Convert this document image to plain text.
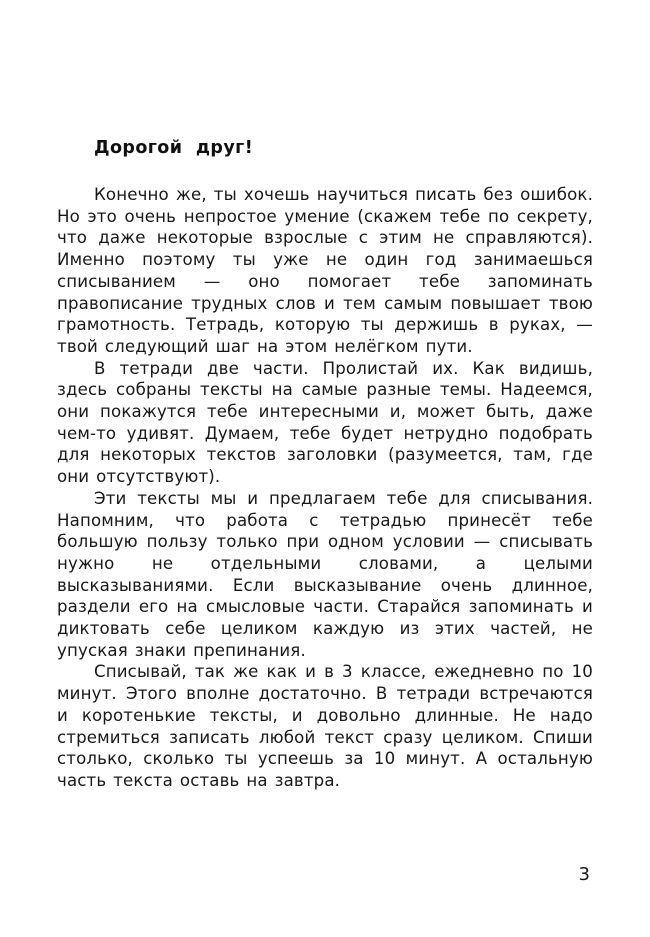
Дорогой друг!

Конечно же, ты хочешь научиться писать без ошибок. Но это очень непростое умение (скажем тебе по секрету, что даже некоторые взрослые с этим не справляются). Именно поэтому ты уже не один год занимаешься списыванием — оно помогает тебе запоминать правописание трудных слов и тем самым повышает твою грамотность. Тетрадь, которую ты держишь в руках, — твой следующий шаг на этом нелёгком пути.

В тетради две части. Пролистай их. Как видишь, здесь собраны тексты на самые разные темы. Надеемся, они покажутся тебе интересными и, может быть, даже чем-то удивят. Думаем, тебе будет нетрудно подобрать для некоторых текстов заголовки (разумеется, там, где они отсутствуют).

Эти тексты мы и предлагаем тебе для списывания. Напомним, что работа с тетрадью принесёт тебе большую пользу только при одном условии — списывать нужно не отдельными словами, а целыми высказываниями. Если высказывание очень длинное, раздели его на смысловые части. Старайся запоминать и диктовать себе целиком каждую из этих частей, не упуская знаки препинания.

Списывай, так же как и в 3 классе, ежедневно по 10 минут. Этого вполне достаточно. В тетради встречаются и коротенькие тексты, и довольно длинные. Не надо стремиться записать любой текст сразу целиком. Спиши столько, сколько ты успеешь за 10 минут. А остальную часть текста оставь на завтра.

3
